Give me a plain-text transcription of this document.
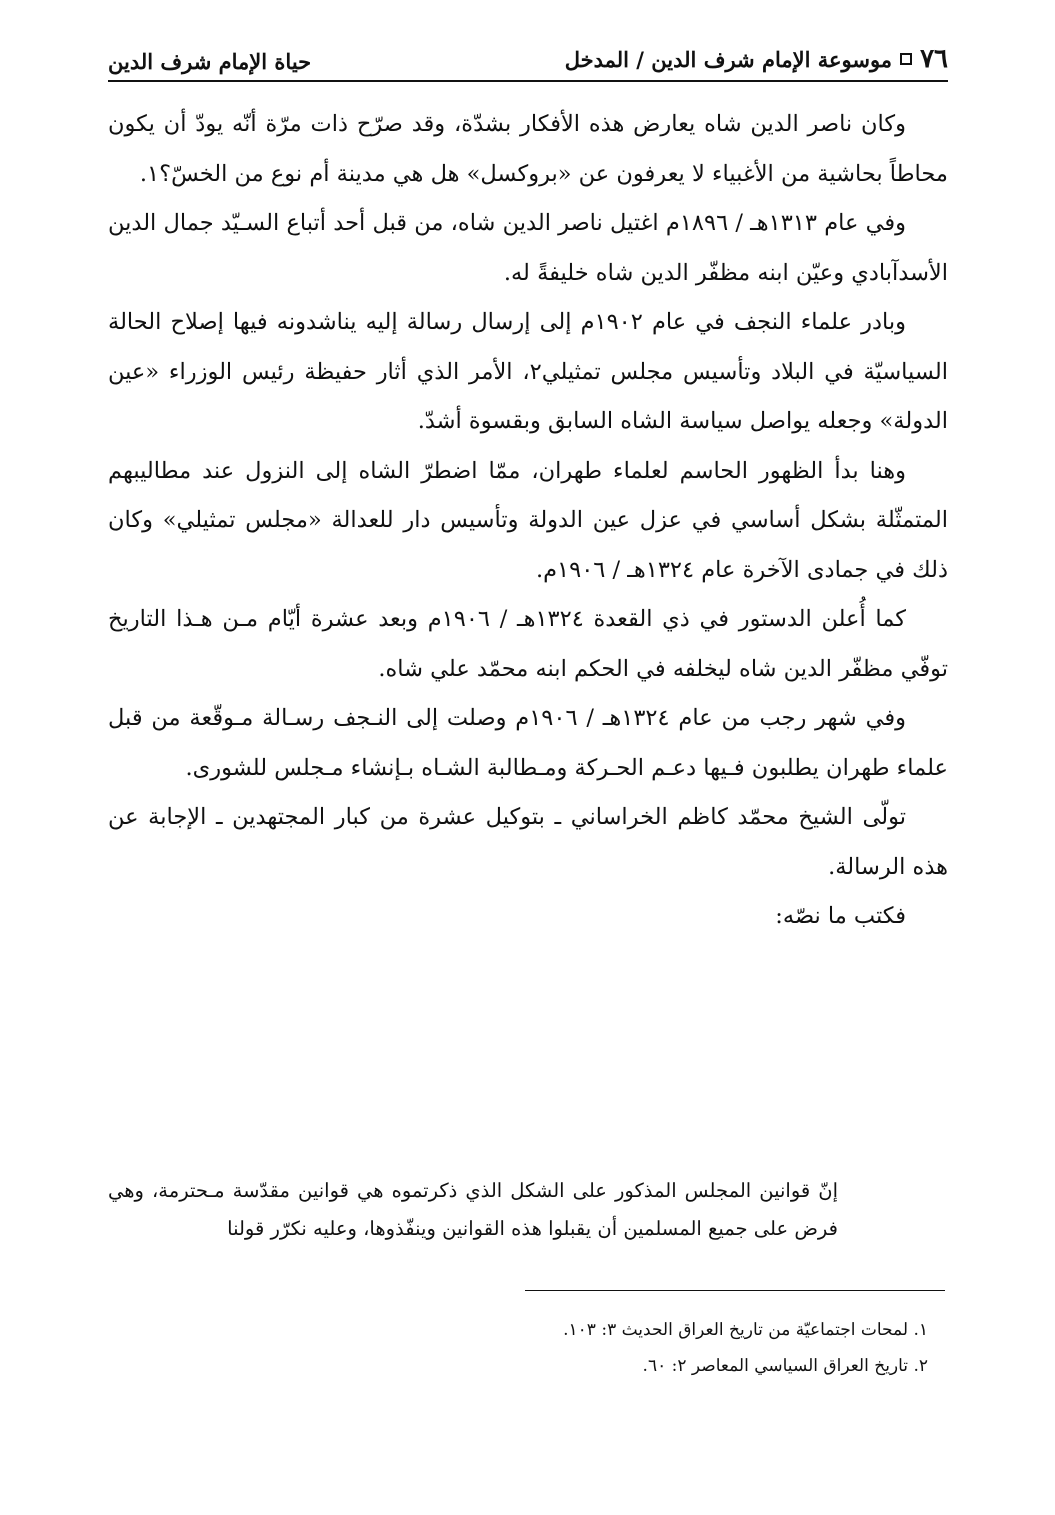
٧٦
موسوعة الإمام شرف الدين / المدخل
حياة الإمام شرف الدين

وكان ناصر الدين شاه يعارض هذه الأفكار بشدّة، وقد صرّح ذات مرّة أنّه يودّ أن يكون محاطاً بحاشية من الأغبياء لا يعرفون عن «بروكسل» هل هي مدينة أم نوع من الخسّ؟١.

وفي عام ١٣١٣هـ / ١٨٩٦م اغتيل ناصر الدين شاه، من قبل أحد أتباع السـيّد جمال الدين الأسدآبادي وعيّن ابنه مظفّر الدين شاه خليفةً له.

وبادر علماء النجف في عام ١٩٠٢م إلى إرسال رسالة إليه يناشدونه فيها إصلاح الحالة السياسيّة في البلاد وتأسيس مجلس تمثيلي٢، الأمر الذي أثار حفيظة رئيس الوزراء «عين الدولة» وجعله يواصل سياسة الشاه السابق وبقسوة أشدّ.

وهنا بدأ الظهور الحاسم لعلماء طهران، ممّا اضطرّ الشاه إلى النزول عند مطاليبهم المتمثّلة بشكل أساسي في عزل عين الدولة وتأسيس دار للعدالة «مجلس تمثيلي» وكان ذلك في جمادى الآخرة عام ١٣٢٤هـ / ١٩٠٦م.

كما أُعلن الدستور في ذي القعدة ١٣٢٤هـ / ١٩٠٦م وبعد عشرة أيّام مـن هـذا التاريخ توفّي مظفّر الدين شاه ليخلفه في الحكم ابنه محمّد علي شاه.

وفي شهر رجب من عام ١٣٢٤هـ / ١٩٠٦م وصلت إلى النـجف رسـالة مـوقّعة من قبل علماء طهران يطلبون فـيها دعـم الحـركة ومـطالبة الشـاه بـإنشاء مـجلس للشورى.

تولّى الشيخ محمّد كاظم الخراساني ـ بتوكيل عشرة من كبار المجتهدين ـ الإجابة عن هذه الرسالة.

فكتب ما نصّه:

إنّ قوانين المجلس المذكور على الشكل الذي ذكرتموه هي قوانين مقدّسة مـحترمة، وهي فرض على جميع المسلمين أن يقبلوا هذه القوانين وينفّذوها، وعليه نكرّر قولنا

١. لمحات اجتماعيّة من تاريخ العراق الحديث ٣: ١٠٣.

٢. تاريخ العراق السياسي المعاصر ٢: ٦٠.
